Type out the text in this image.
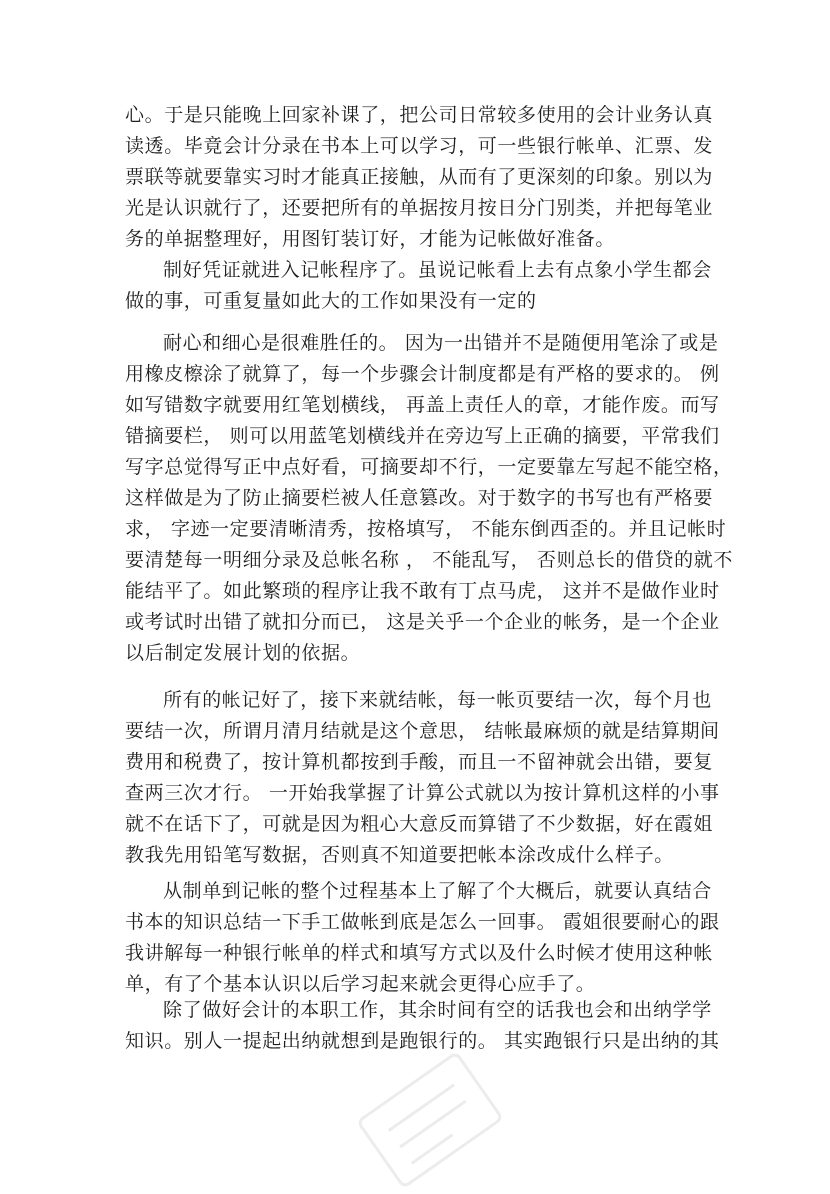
心。于是只能晚上回家补课了，把公司日常较多使用的会计业务认真
读透。毕竟会计分录在书本上可以学习，可一些银行帐单、汇票、发
票联等就要靠实习时才能真正接触，从而有了更深刻的印象。别以为
光是认识就行了，还要把所有的单据按月按日分门别类，并把每笔业
务的单据整理好，用图钉装订好，才能为记帐做好准备。
制好凭证就进入记帐程序了。虽说记帐看上去有点象小学生都会
做的事，可重复量如此大的工作如果没有一定的
耐心和细心是很难胜任的。 因为一出错并不是随便用笔涂了或是
用橡皮檫涂了就算了，每一个步骤会计制度都是有严格的要求的。 例
如写错数字就要用红笔划横线， 再盖上责任人的章，才能作废。而写
错摘要栏， 则可以用蓝笔划横线并在旁边写上正确的摘要，平常我们
写字总觉得写正中点好看，可摘要却不行，一定要靠左写起不能空格，
这样做是为了防止摘要栏被人任意篡改。对于数字的书写也有严格要
求， 字迹一定要清晰清秀，按格填写， 不能东倒西歪的。并且记帐时
要清楚每一明细分录及总帐名称 ， 不能乱写， 否则总长的借贷的就不
能结平了。如此繁琐的程序让我不敢有丁点马虎， 这并不是做作业时
或考试时出错了就扣分而已， 这是关乎一个企业的帐务，是一个企业
以后制定发展计划的依据。
所有的帐记好了，接下来就结帐，每一帐页要结一次，每个月也
要结一次，所谓月清月结就是这个意思， 结帐最麻烦的就是结算期间
费用和税费了，按计算机都按到手酸，而且一不留神就会出错，要复
查两三次才行。 一开始我掌握了计算公式就以为按计算机这样的小事
就不在话下了，可就是因为粗心大意反而算错了不少数据，好在霞姐
教我先用铅笔写数据，否则真不知道要把帐本涂改成什么样子。
从制单到记帐的整个过程基本上了解了个大概后，就要认真结合
书本的知识总结一下手工做帐到底是怎么一回事。 霞姐很要耐心的跟
我讲解每一种银行帐单的样式和填写方式以及什么时候才使用这种帐
单，有了个基本认识以后学习起来就会更得心应手了。
除了做好会计的本职工作，其余时间有空的话我也会和出纳学学
知识。别人一提起出纳就想到是跑银行的。 其实跑银行只是出纳的其
